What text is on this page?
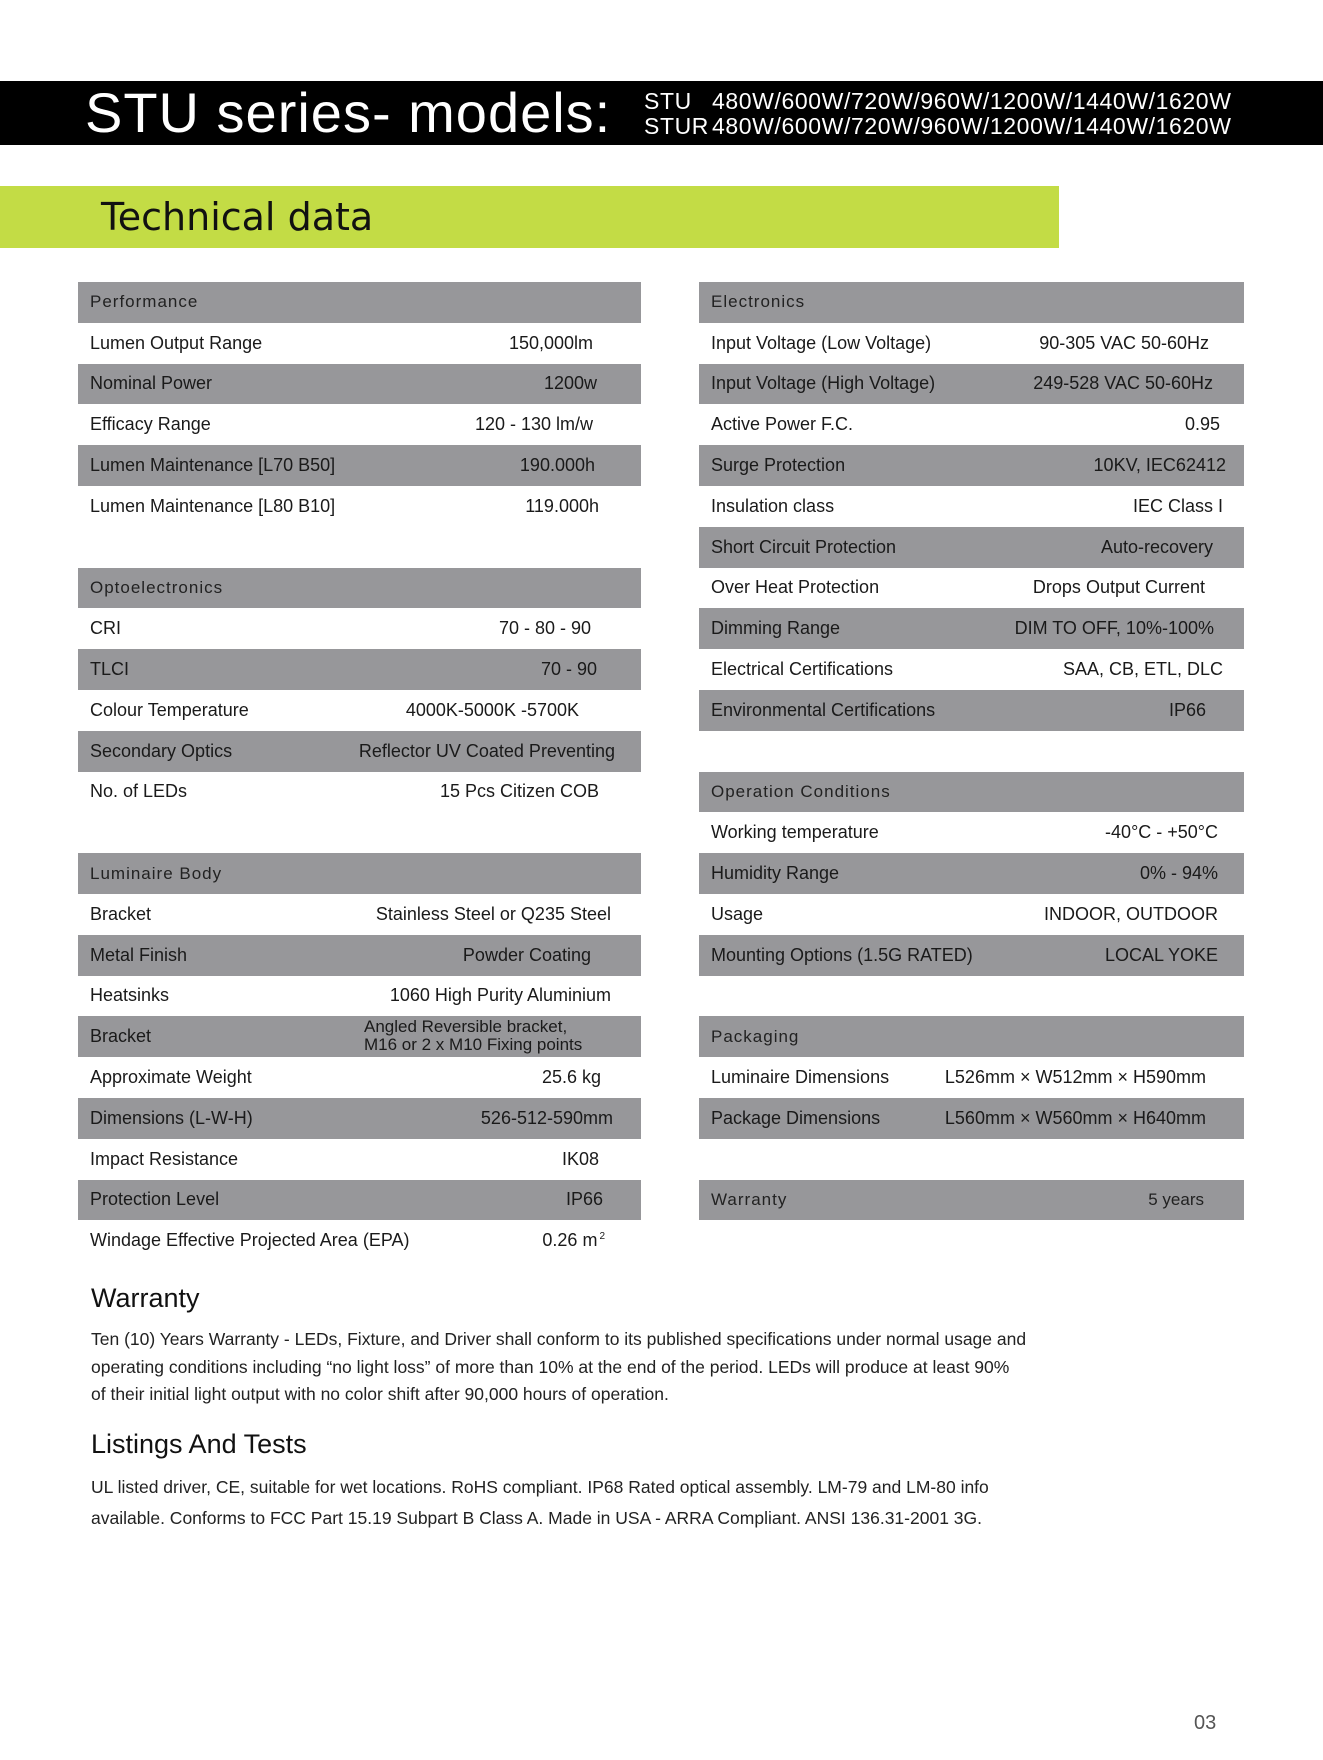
STU series- models: STU 480W/600W/720W/960W/1200W/1440W/1620W
STUR 480W/600W/720W/960W/1200W/1440W/1620W
Technical data
Performance
Lumen Output Range	150,000lm
Nominal Power	1200w
Efficacy Range	120 - 130 lm/w
Lumen Maintenance [L70 B50]	190.000h
Lumen Maintenance [L80 B10]	119.000h
Optoelectronics
CRI	70 - 80 - 90
TLCI	70 - 90
Colour Temperature	4000K-5000K -5700K
Secondary Optics	Reflector UV Coated Preventing
No. of LEDs	15 Pcs Citizen COB
Luminaire Body
Bracket	Stainless Steel or Q235 Steel
Metal Finish	Powder Coating
Heatsinks	1060 High Purity Aluminium
Bracket	Angled Reversible bracket,
M16 or 2 x M10 Fixing points
Approximate Weight	25.6 kg
Dimensions (L-W-H)	526-512-590mm
Impact Resistance	IK08
Protection Level	IP66
Windage Effective Projected Area (EPA)	0.26 m $^2$
Electronics
Input Voltage (Low Voltage)	90-305 VAC 50-60Hz
Input Voltage (High Voltage)	249-528 VAC 50-60Hz
Active Power F.C.	0.95
Surge Protection	10KV, IEC62412
Insulation class	IEC Class I
Short Circuit Protection	Auto-recovery
Over Heat Protection	Drops Output Current
Dimming Range	DIM TO OFF, 10%-100%
Electrical Certifications	SAA, CB, ETL, DLC
Environmental Certifications	IP66
Operation Conditions
Working temperature	-40°C - +50°C
Humidity Range	0% - 94%
Usage	INDOOR, OUTDOOR
Mounting Options (1.5G RATED)	LOCAL YOKE
Packaging
Luminaire Dimensions	L526mm × W512mm × H590mm
Package Dimensions	L560mm × W560mm × H640mm
Warranty	5 years
Warranty
Ten (10) Years Warranty - LEDs, Fixture, and Driver shall conform to its published specifications under normal usage and
operating conditions including “no light loss” of more than 10% at the end of the period. LEDs will produce at least 90%
of their initial light output with no color shift after 90,000 hours of operation.
Listings And Tests
UL listed driver, CE, suitable for wet locations. RoHS compliant. IP68 Rated optical assembly. LM-79 and LM-80 info
available. Conforms to FCC Part 15.19 Subpart B Class A. Made in USA - ARRA Compliant. ANSI 136.31-2001 3G.
03
